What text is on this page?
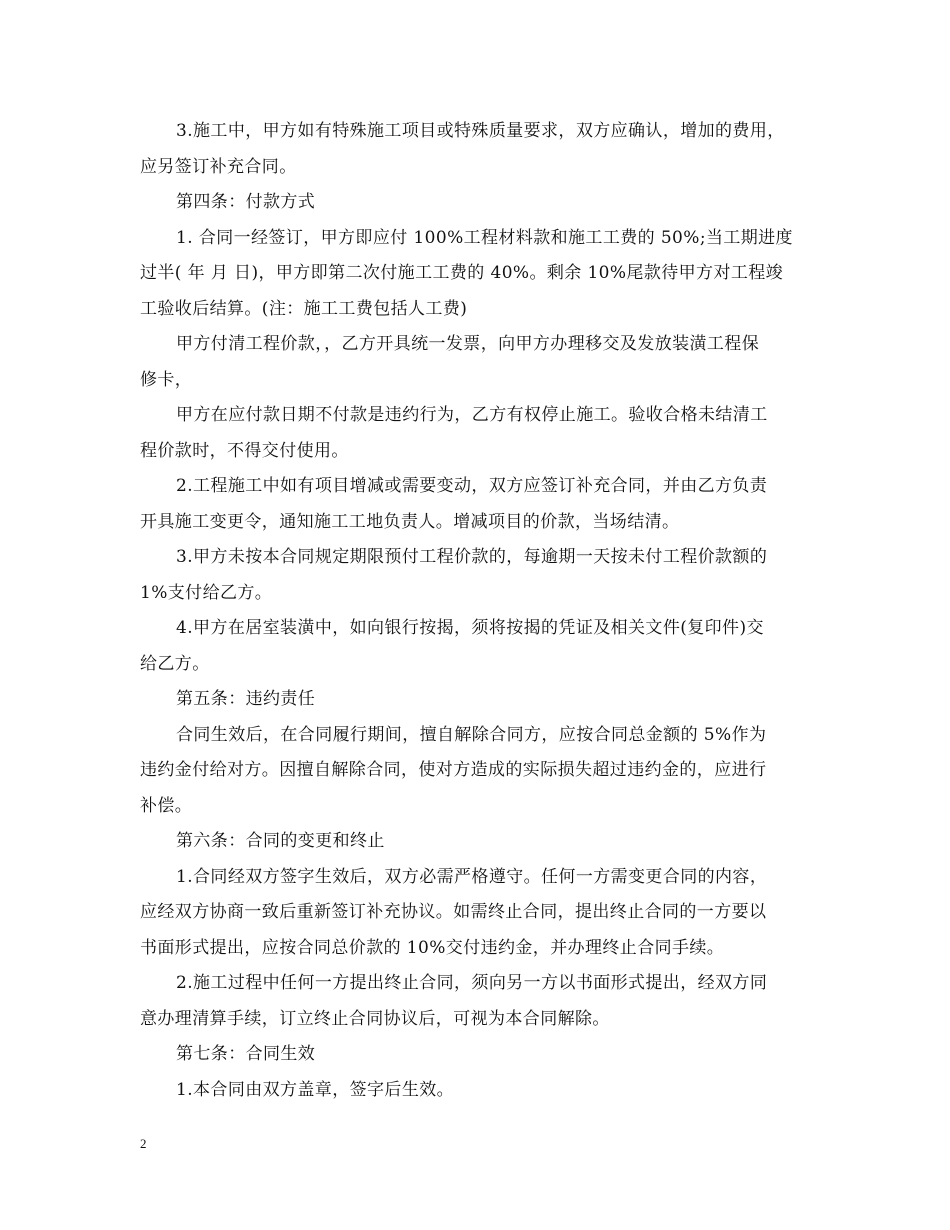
3.施工中，甲方如有特殊施工项目或特殊质量要求，双方应确认，增加的费用，
应另签订补充合同。

第四条：付款方式

1. 合同一经签订，甲方即应付 100%工程材料款和施工工费的 50%;当工期进度
过半( 年 月 日)，甲方即第二次付施工工费的 40%。剩余 10%尾款待甲方对工程竣
工验收后结算。(注：施工工费包括人工费)

甲方付清工程价款，，乙方开具统一发票，向甲方办理移交及发放装潢工程保
修卡，

甲方在应付款日期不付款是违约行为，乙方有权停止施工。验收合格未结清工
程价款时，不得交付使用。

2.工程施工中如有项目增减或需要变动，双方应签订补充合同，并由乙方负责
开具施工变更令，通知施工工地负责人。增减项目的价款，当场结清。

3.甲方未按本合同规定期限预付工程价款的，每逾期一天按未付工程价款额的
1%支付给乙方。

4.甲方在居室装潢中，如向银行按揭，须将按揭的凭证及相关文件(复印件)交
给乙方。

第五条：违约责任

合同生效后，在合同履行期间，擅自解除合同方，应按合同总金额的 5%作为
违约金付给对方。因擅自解除合同，使对方造成的实际损失超过违约金的，应进行
补偿。

第六条：合同的变更和终止

1.合同经双方签字生效后，双方必需严格遵守。任何一方需变更合同的内容，
应经双方协商一致后重新签订补充协议。如需终止合同，提出终止合同的一方要以
书面形式提出，应按合同总价款的 10%交付违约金，并办理终止合同手续。

2.施工过程中任何一方提出终止合同，须向另一方以书面形式提出，经双方同
意办理清算手续，订立终止合同协议后，可视为本合同解除。

第七条：合同生效

1.本合同由双方盖章，签字后生效。

2
